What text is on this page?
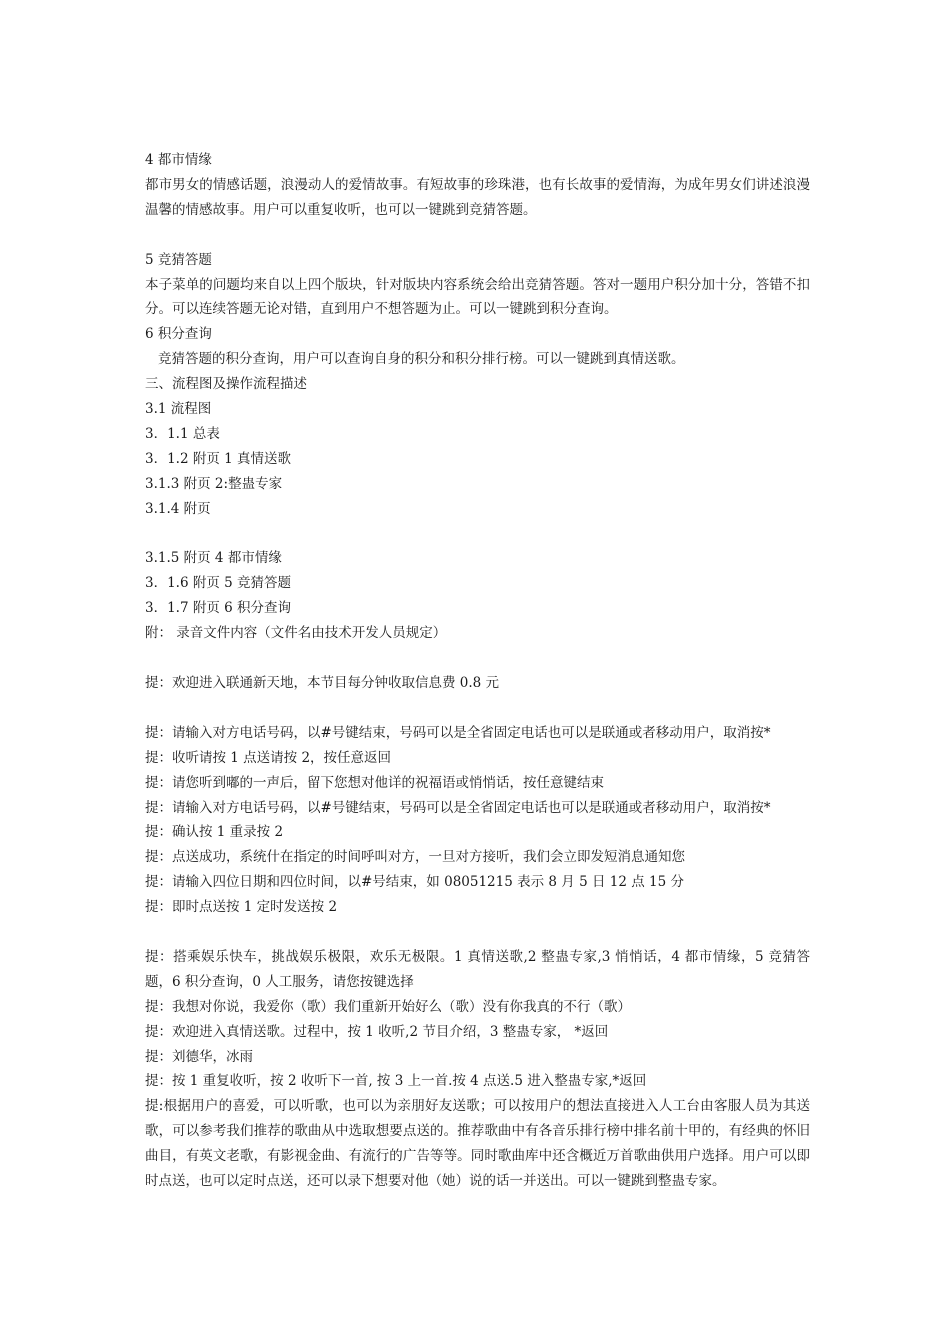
4 都市情缘
都市男女的情感话题，浪漫动人的爱情故事。有短故事的珍珠港，也有长故事的爱情海，为成年男女们讲述浪漫温馨的情感故事。用户可以重复收听，也可以一键跳到竞猜答题。
5 竞猜答题
本子菜单的问题均来自以上四个版块，针对版块内容系统会给出竞猜答题。答对一题用户积分加十分，答错不扣分。可以连续答题无论对错，直到用户不想答题为止。可以一键跳到积分查询。
6 积分查询
竞猜答题的积分查询，用户可以查询自身的积分和积分排行榜。可以一键跳到真情送歌。
三、流程图及操作流程描述
3.1 流程图
3．1.1 总表
3．1.2 附页 1 真情送歌
3.1.3 附页 2:整蛊专家
3.1.4 附页
3.1.5 附页 4 都市情缘
3．1.6 附页 5 竞猜答题
3．1.7 附页 6 积分查询
附： 录音文件内容（文件名由技术开发人员规定）
提：欢迎进入联通新天地，本节目每分钟收取信息费 0.8 元
提：请输入对方电话号码，以#号键结束，号码可以是全省固定电话也可以是联通或者移动用户，取消按*
提：收听请按 1 点送请按 2，按任意返回
提：请您听到嘟的一声后，留下您想对他详的祝福语或悄悄话，按任意键结束
提：请输入对方电话号码，以#号键结束，号码可以是全省固定电话也可以是联通或者移动用户，取消按*
提：确认按 1 重录按 2
提：点送成功，系统什在指定的时间呼叫对方，一旦对方接听，我们会立即发短消息通知您
提：请输入四位日期和四位时间，以#号结束，如 08051215 表示 8 月 5 日 12 点 15 分
提：即时点送按 1 定时发送按 2
提：搭乘娱乐快车，挑战娱乐极限，欢乐无极限。1 真情送歌,2 整蛊专家,3 悄悄话，4 都市情缘，5 竞猜答题，6 积分查询，0 人工服务，请您按键选择
提：我想对你说，我爱你（歌）我们重新开始好么（歌）没有你我真的不行（歌）
提：欢迎进入真情送歌。过程中，按 1 收听,2 节目介绍，3 整蛊专家， *返回
提：刘德华，冰雨
提：按 1 重复收听，按 2 收听下一首, 按 3 上一首.按 4 点送.5 进入整蛊专家,*返回
提:根据用户的喜爱，可以听歌，也可以为亲朋好友送歌；可以按用户的想法直接进入人工台由客服人员为其送歌，可以参考我们推荐的歌曲从中选取想要点送的。推荐歌曲中有各音乐排行榜中排名前十甲的，有经典的怀旧曲目，有英文老歌，有影视金曲、有流行的广告等等。同时歌曲库中还含概近万首歌曲供用户选择。用户可以即时点送，也可以定时点送，还可以录下想要对他（她）说的话一并送出。可以一键跳到整蛊专家。
